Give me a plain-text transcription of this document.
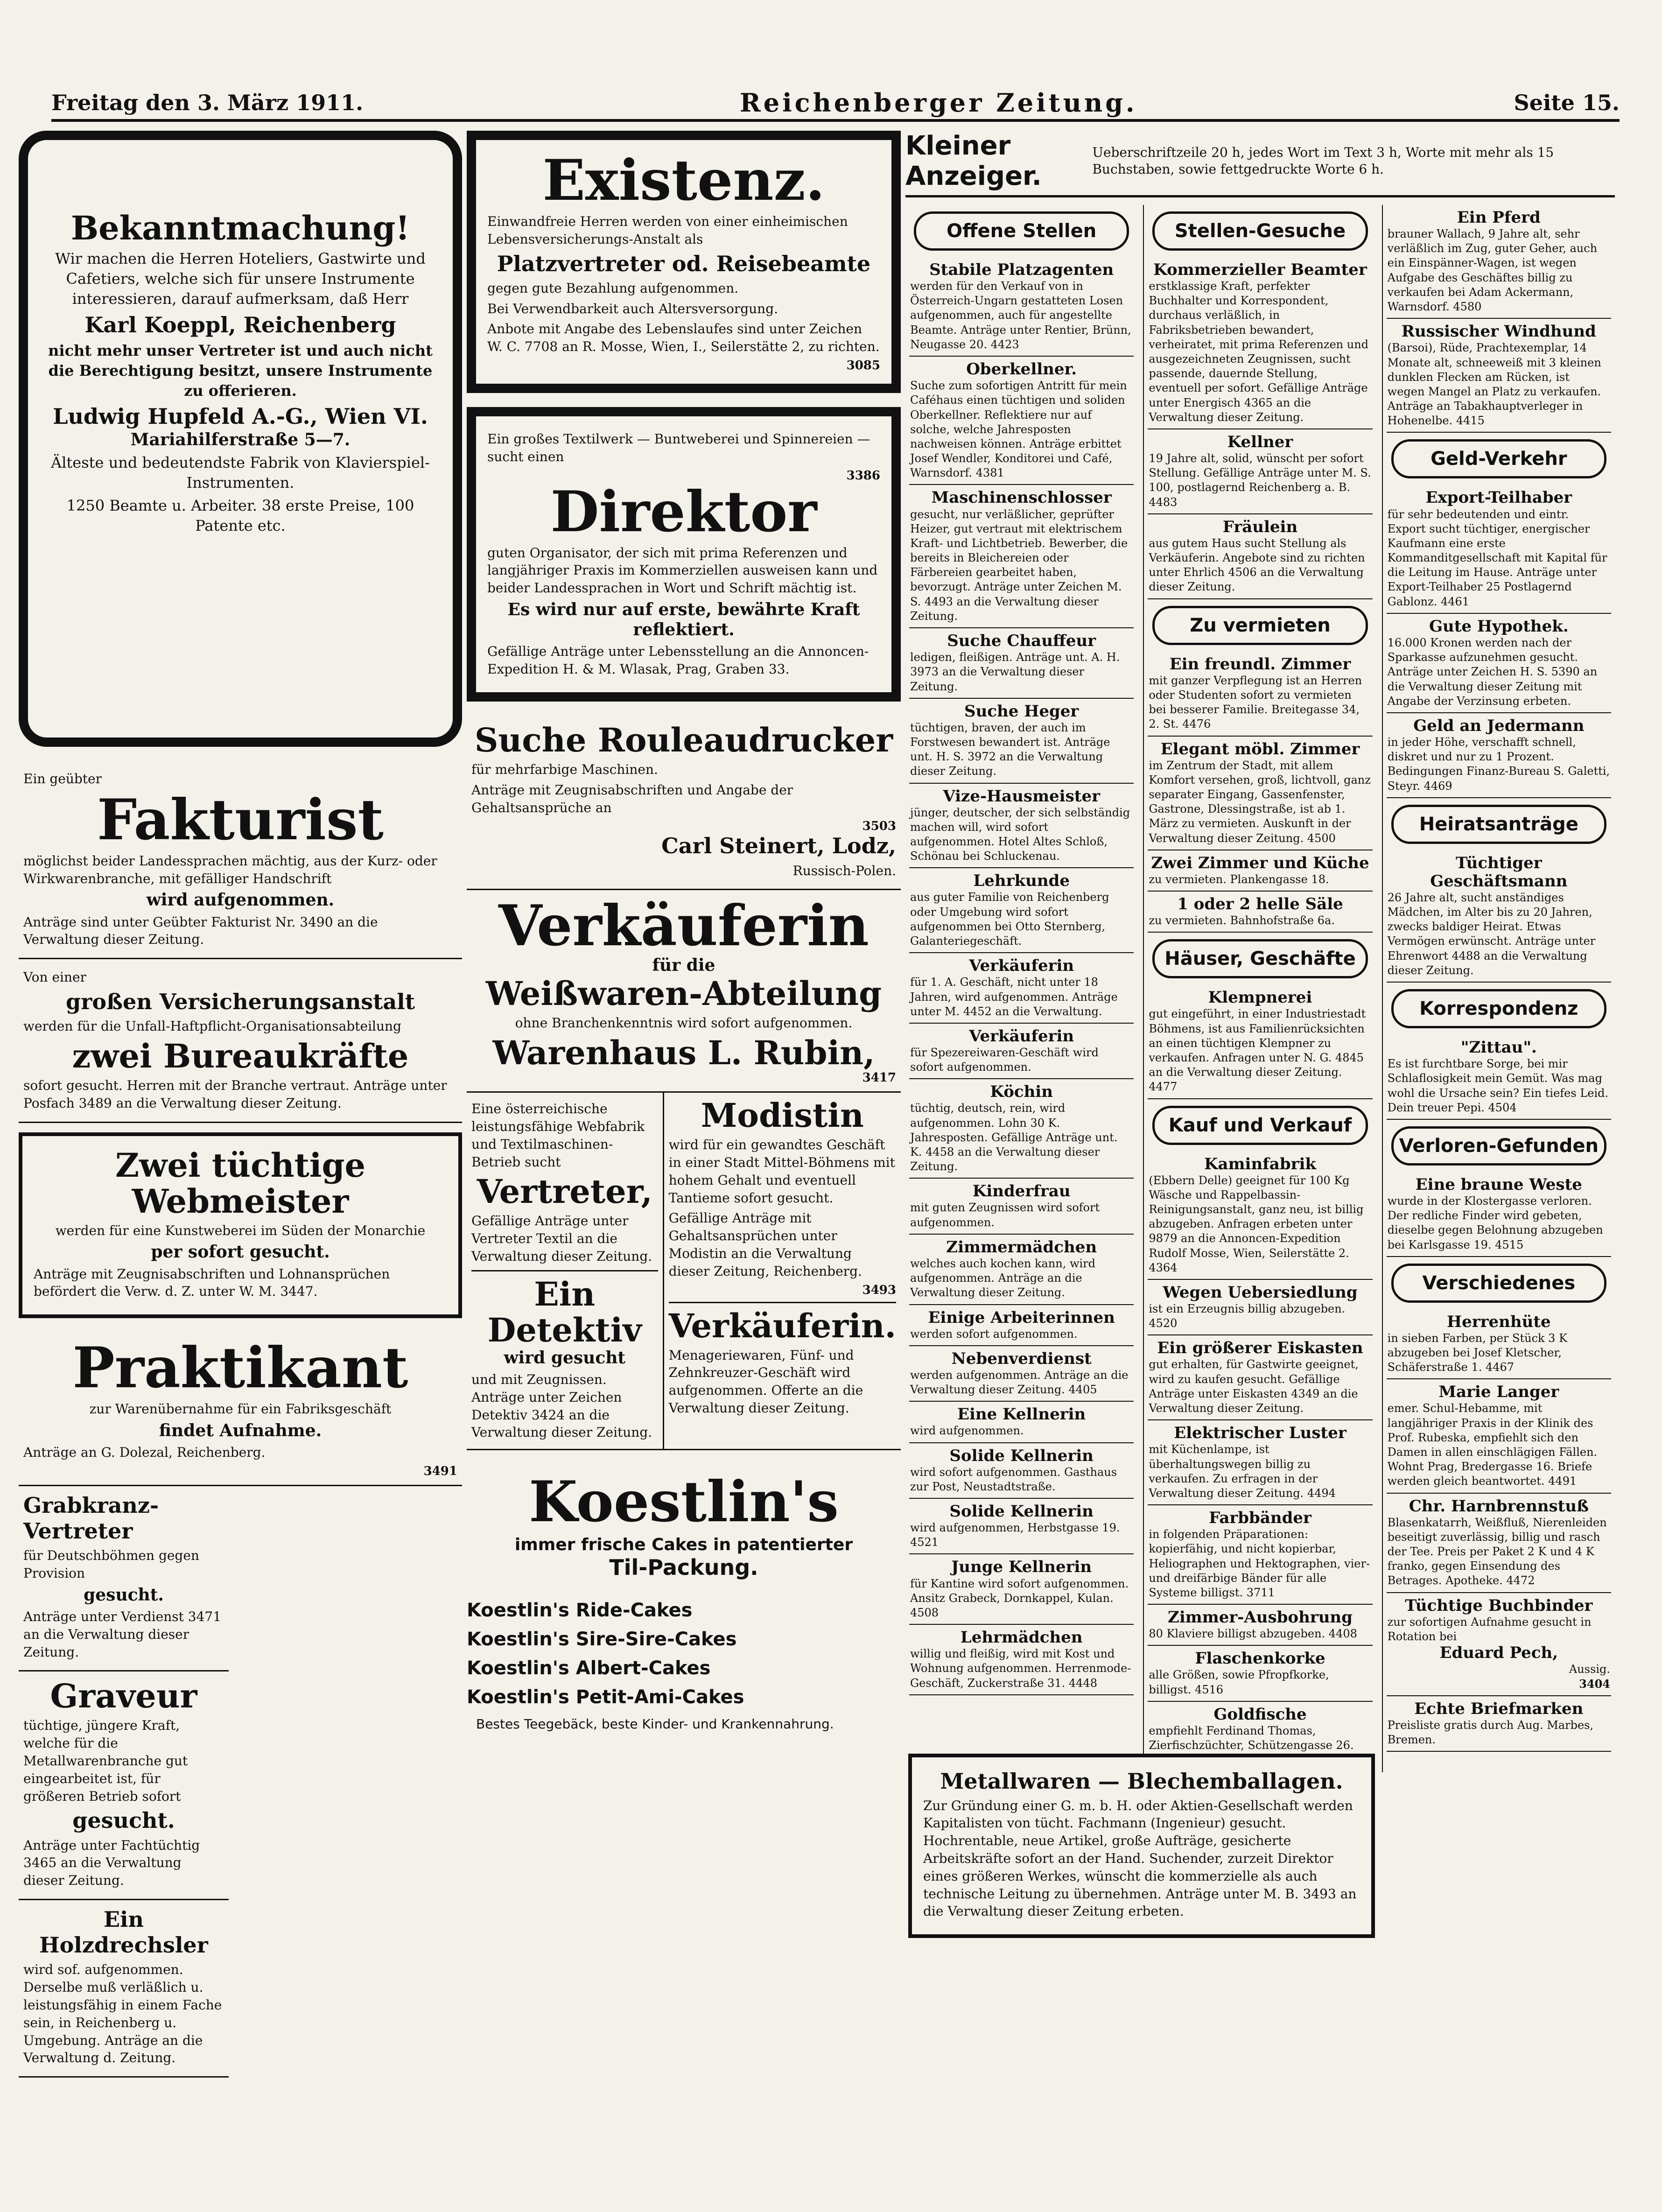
Freitag den 3. März 1911.	Reichenberger Zeitung.	Seite 15.
Bekanntmachung!

Wir machen die Herren Hoteliers, Gastwirte und Cafetiers, welche sich für unsere Instrumente interessieren, darauf aufmerksam, daß Herr

Karl Koeppl, Reichenberg

nicht mehr unser Vertreter ist und auch nicht die Berechtigung besitzt, unsere Instrumente zu offerieren.

Ludwig Hupfeld A.-G., Wien VI.
Mariahilferstraße 5—7.

Älteste und bedeutendste Fabrik von Klavierspiel-Instrumenten.

1250 Beamte u. Arbeiter. 38 erste Preise, 100 Patente etc.

Ein geübter
Fakturist

möglichst beider Landessprachen mächtig, aus der Kurz- oder Wirkwarenbranche, mit gefälliger Handschrift

wird aufgenommen.

Anträge sind unter Geübter Fakturist Nr. 3490 an die Verwaltung dieser Zeitung.

Von einer
großen Versicherungsanstalt

werden für die Unfall-Haftpflicht-Organisationsabteilung

zwei Bureaukräfte

sofort gesucht. Herren mit der Branche vertraut. Anträge unter Posfach 3489 an die Verwaltung dieser Zeitung.

Zwei tüchtige Webmeister

werden für eine Kunstweberei im Süden der Monarchie

per sofort gesucht.

Anträge mit Zeugnisabschriften und Lohnansprüchen befördert die Verw. d. Z. unter W. M. 3447.

Praktikant

zur Warenübernahme für ein Fabriksgeschäft

findet Aufnahme.

Anträge an G. Dolezal, Reichenberg.

3491
Grabkranz-Vertreter

für Deutschböhmen gegen Provision

gesucht.

Anträge unter Verdienst 3471 an die Verwaltung dieser Zeitung.

Graveur

tüchtige, jüngere Kraft, welche für die Metallwarenbranche gut eingearbeitet ist, für größeren Betrieb sofort

gesucht.

Anträge unter Fachtüchtig 3465 an die Verwaltung dieser Zeitung.

Ein Holzdrechsler

wird sof. aufgenommen. Derselbe muß verläßlich u. leistungsfähig in einem Fache sein, in Reichenberg u. Umgebung. Anträge an die Verwaltung d. Zeitung.

Existenz.

Einwandfreie Herren werden von einer einheimischen Lebensversicherungs-Anstalt als

Platzvertreter od. Reisebeamte

gegen gute Bezahlung aufgenommen.

Bei Verwendbarkeit auch Altersversorgung.

Anbote mit Angabe des Lebenslaufes sind unter Zeichen W. C. 7708 an R. Mosse, Wien, I., Seilerstätte 2, zu richten.

3085

Ein großes Textilwerk — Buntweberei und Spinnereien — sucht einen

3386
Direktor

guten Organisator, der sich mit prima Referenzen und langjähriger Praxis im Kommerziellen ausweisen kann und beider Landessprachen in Wort und Schrift mächtig ist.

Es wird nur auf erste, bewährte Kraft reflektiert.

Gefällige Anträge unter Lebensstellung an die Annoncen-Expedition H. & M. Wlasak, Prag, Graben 33.

Suche Rouleaudrucker

für mehrfarbige Maschinen.

Anträge mit Zeugnisabschriften und Angabe der Gehaltsansprüche an

3503
Carl Steinert, Lodz,
Russisch-Polen.
Verkäuferin
für die
Weißwaren-Abteilung

ohne Branchenkenntnis wird sofort aufgenommen.

Warenhaus L. Rubin,
3417

Eine österreichische leistungsfähige Webfabrik und Textilmaschinen-Betrieb sucht

Vertreter,

Gefällige Anträge unter Vertreter Textil an die Verwaltung dieser Zeitung.

Ein Detektiv
wird gesucht

und mit Zeugnissen. Anträge unter Zeichen Detektiv 3424 an die Verwaltung dieser Zeitung.

Modistin

wird für ein gewandtes Geschäft in einer Stadt Mittel-Böhmens mit hohem Gehalt und eventuell Tantieme sofort gesucht.

Gefällige Anträge mit Gehaltsansprüchen unter Modistin an die Verwaltung dieser Zeitung, Reichenberg.

3493
Verkäuferin.

Menageriewaren, Fünf- und Zehnkreuzer-Geschäft wird aufgenommen. Offerte an die Verwaltung dieser Zeitung.

Koestlin's
immer frische Cakes in patentierter
Til-Packung.
Koestlin's Ride-Cakes
Koestlin's Sire-Sire-Cakes
Koestlin's Albert-Cakes
Koestlin's Petit-Ami-Cakes

Bestes Teegebäck, beste Kinder- und Krankennahrung.

Kleiner Anzeiger.
Ueberschriftzeile 20 h, jedes Wort im Text 3 h, Worte mit mehr als 15 Buchstaben, sowie fettgedruckte Worte 6 h.
Offene Stellen
Stabile Platzagenten
werden für den Verkauf von in Österreich-Ungarn gestatteten Losen aufgenommen, auch für angestellte Beamte. Anträge unter Rentier, Brünn, Neugasse 20. 4423
Oberkellner.
Suche zum sofortigen Antritt für mein Caféhaus einen tüchtigen und soliden Oberkellner. Reflektiere nur auf solche, welche Jahresposten nachweisen können. Anträge erbittet Josef Wendler, Konditorei und Café, Warnsdorf. 4381
Maschinenschlosser
gesucht, nur verläßlicher, geprüfter Heizer, gut vertraut mit elektrischem Kraft- und Lichtbetrieb. Bewerber, die bereits in Bleichereien oder Färbereien gearbeitet haben, bevorzugt. Anträge unter Zeichen M. S. 4493 an die Verwaltung dieser Zeitung.
Suche Chauffeur
ledigen, fleißigen. Anträge unt. A. H. 3973 an die Verwaltung dieser Zeitung.
Suche Heger
tüchtigen, braven, der auch im Forstwesen bewandert ist. Anträge unt. H. S. 3972 an die Verwaltung dieser Zeitung.
Vize-Hausmeister
jünger, deutscher, der sich selbständig machen will, wird sofort aufgenommen. Hotel Altes Schloß, Schönau bei Schluckenau.
Lehrkunde
aus guter Familie von Reichenberg oder Umgebung wird sofort aufgenommen bei Otto Sternberg, Galanteriegeschäft.
Verkäuferin
für 1. A. Geschäft, nicht unter 18 Jahren, wird aufgenommen. Anträge unter M. 4452 an die Verwaltung.
Verkäuferin
für Spezereiwaren-Geschäft wird sofort aufgenommen.
Köchin
tüchtig, deutsch, rein, wird aufgenommen. Lohn 30 K. Jahresposten. Gefällige Anträge unt. K. 4458 an die Verwaltung dieser Zeitung.
Kinderfrau
mit guten Zeugnissen wird sofort aufgenommen.
Zimmermädchen
welches auch kochen kann, wird aufgenommen. Anträge an die Verwaltung dieser Zeitung.
Einige Arbeiterinnen
werden sofort aufgenommen.
Nebenverdienst
werden aufgenommen. Anträge an die Verwaltung dieser Zeitung. 4405
Eine Kellnerin
wird aufgenommen.
Solide Kellnerin
wird sofort aufgenommen. Gasthaus zur Post, Neustadtstraße.
Solide Kellnerin
wird aufgenommen, Herbstgasse 19. 4521
Junge Kellnerin
für Kantine wird sofort aufgenommen. Ansitz Grabeck, Dornkappel, Kulan. 4508
Lehrmädchen
willig und fleißig, wird mit Kost und Wohnung aufgenommen. Herrenmode-Geschäft, Zuckerstraße 31. 4448
Stellen-Gesuche
Kommerzieller Beamter
erstklassige Kraft, perfekter Buchhalter und Korrespondent, durchaus verläßlich, in Fabriksbetrieben bewandert, verheiratet, mit prima Referenzen und ausgezeichneten Zeugnissen, sucht passende, dauernde Stellung, eventuell per sofort. Gefällige Anträge unter Energisch 4365 an die Verwaltung dieser Zeitung.
Kellner
19 Jahre alt, solid, wünscht per sofort Stellung. Gefällige Anträge unter M. S. 100, postlagernd Reichenberg a. B. 4483
Fräulein
aus gutem Haus sucht Stellung als Verkäuferin. Angebote sind zu richten unter Ehrlich 4506 an die Verwaltung dieser Zeitung.
Zu vermieten
Ein freundl. Zimmer
mit ganzer Verpflegung ist an Herren oder Studenten sofort zu vermieten bei besserer Familie. Breitegasse 34, 2. St. 4476
Elegant möbl. Zimmer
im Zentrum der Stadt, mit allem Komfort versehen, groß, lichtvoll, ganz separater Eingang, Gassenfenster, Gastrone, Dlessingstraße, ist ab 1. März zu vermieten. Auskunft in der Verwaltung dieser Zeitung. 4500
Zwei Zimmer und Küche
zu vermieten. Plankengasse 18.
1 oder 2 helle Säle
zu vermieten. Bahnhofstraße 6a.
Häuser, Geschäfte
Klempnerei
gut eingeführt, in einer Industriestadt Böhmens, ist aus Familienrücksichten an einen tüchtigen Klempner zu verkaufen. Anfragen unter N. G. 4845 an die Verwaltung dieser Zeitung. 4477
Kauf und Verkauf
Kaminfabrik
(Ebbern Delle) geeignet für 100 Kg Wäsche und Rappelbassin-Reinigungsanstalt, ganz neu, ist billig abzugeben. Anfragen erbeten unter 9879 an die Annoncen-Expedition Rudolf Mosse, Wien, Seilerstätte 2. 4364
Wegen Uebersiedlung
ist ein Erzeugnis billig abzugeben. 4520
Ein größerer Eiskasten
gut erhalten, für Gastwirte geeignet, wird zu kaufen gesucht. Gefällige Anträge unter Eiskasten 4349 an die Verwaltung dieser Zeitung.
Elektrischer Luster
mit Küchenlampe, ist überhaltungswegen billig zu verkaufen. Zu erfragen in der Verwaltung dieser Zeitung. 4494
Farbbänder
in folgenden Präparationen: kopierfähig, und nicht kopierbar, Heliographen und Hektographen, vier- und dreifärbige Bänder für alle Systeme billigst. 3711
Zimmer-Ausbohrung
80 Klaviere billigst abzugeben. 4408
Flaschenkorke
alle Größen, sowie Pfropfkorke, billigst. 4516
Goldfische
empfiehlt Ferdinand Thomas, Zierfischzüchter, Schützengasse 26.
Ein Pferd
brauner Wallach, 9 Jahre alt, sehr verläßlich im Zug, guter Geher, auch ein Einspänner-Wagen, ist wegen Aufgabe des Geschäftes billig zu verkaufen bei Adam Ackermann, Warnsdorf. 4580
Russischer Windhund
(Barsoi), Rüde, Prachtexemplar, 14 Monate alt, schneeweiß mit 3 kleinen dunklen Flecken am Rücken, ist wegen Mangel an Platz zu verkaufen. Anträge an Tabakhauptverleger in Hohenelbe. 4415
Geld-Verkehr
Export-Teilhaber
für sehr bedeutenden und eintr. Export sucht tüchtiger, energischer Kaufmann eine erste Kommanditgesellschaft mit Kapital für die Leitung im Hause. Anträge unter Export-Teilhaber 25 Postlagernd Gablonz. 4461
Gute Hypothek.
16.000 Kronen werden nach der Sparkasse aufzunehmen gesucht. Anträge unter Zeichen H. S. 5390 an die Verwaltung dieser Zeitung mit Angabe der Verzinsung erbeten.
Geld an Jedermann
in jeder Höhe, verschafft schnell, diskret und nur zu 1 Prozent. Bedingungen Finanz-Bureau S. Galetti, Steyr. 4469
Heiratsanträge
Tüchtiger Geschäftsmann
26 Jahre alt, sucht anständiges Mädchen, im Alter bis zu 20 Jahren, zwecks baldiger Heirat. Etwas Vermögen erwünscht. Anträge unter Ehrenwort 4488 an die Verwaltung dieser Zeitung.
Korrespondenz
"Zittau".
Es ist furchtbare Sorge, bei mir Schlaflosigkeit mein Gemüt. Was mag wohl die Ursache sein? Ein tiefes Leid. Dein treuer Pepi. 4504
Verloren-Gefunden
Eine braune Weste
wurde in der Klostergasse verloren. Der redliche Finder wird gebeten, dieselbe gegen Belohnung abzugeben bei Karlsgasse 19. 4515
Verschiedenes
Herrenhüte
in sieben Farben, per Stück 3 K abzugeben bei Josef Kletscher, Schäferstraße 1. 4467
Marie Langer
emer. Schul-Hebamme, mit langjähriger Praxis in der Klinik des Prof. Rubeska, empfiehlt sich den Damen in allen einschlägigen Fällen. Wohnt Prag, Bredergasse 16. Briefe werden gleich beantwortet. 4491
Chr. Harnbrennstuß
Blasenkatarrh, Weißfluß, Nierenleiden beseitigt zuverlässig, billig und rasch der Tee. Preis per Paket 2 K und 4 K franko, gegen Einsendung des Betrages. Apotheke. 4472
Tüchtige Buchbinder
zur sofortigen Aufnahme gesucht in Rotation bei
Eduard Pech,
Aussig.
3404
Echte Briefmarken
Preisliste gratis durch Aug. Marbes, Bremen.
Metallwaren — Blechemballagen.

Zur Gründung einer G. m. b. H. oder Aktien-Gesellschaft werden Kapitalisten von tücht. Fachmann (Ingenieur) gesucht. Hochrentable, neue Artikel, große Aufträge, gesicherte Arbeitskräfte sofort an der Hand. Suchender, zurzeit Direktor eines größeren Werkes, wünscht die kommerzielle als auch technische Leitung zu übernehmen. Anträge unter M. B. 3493 an die Verwaltung dieser Zeitung erbeten.
